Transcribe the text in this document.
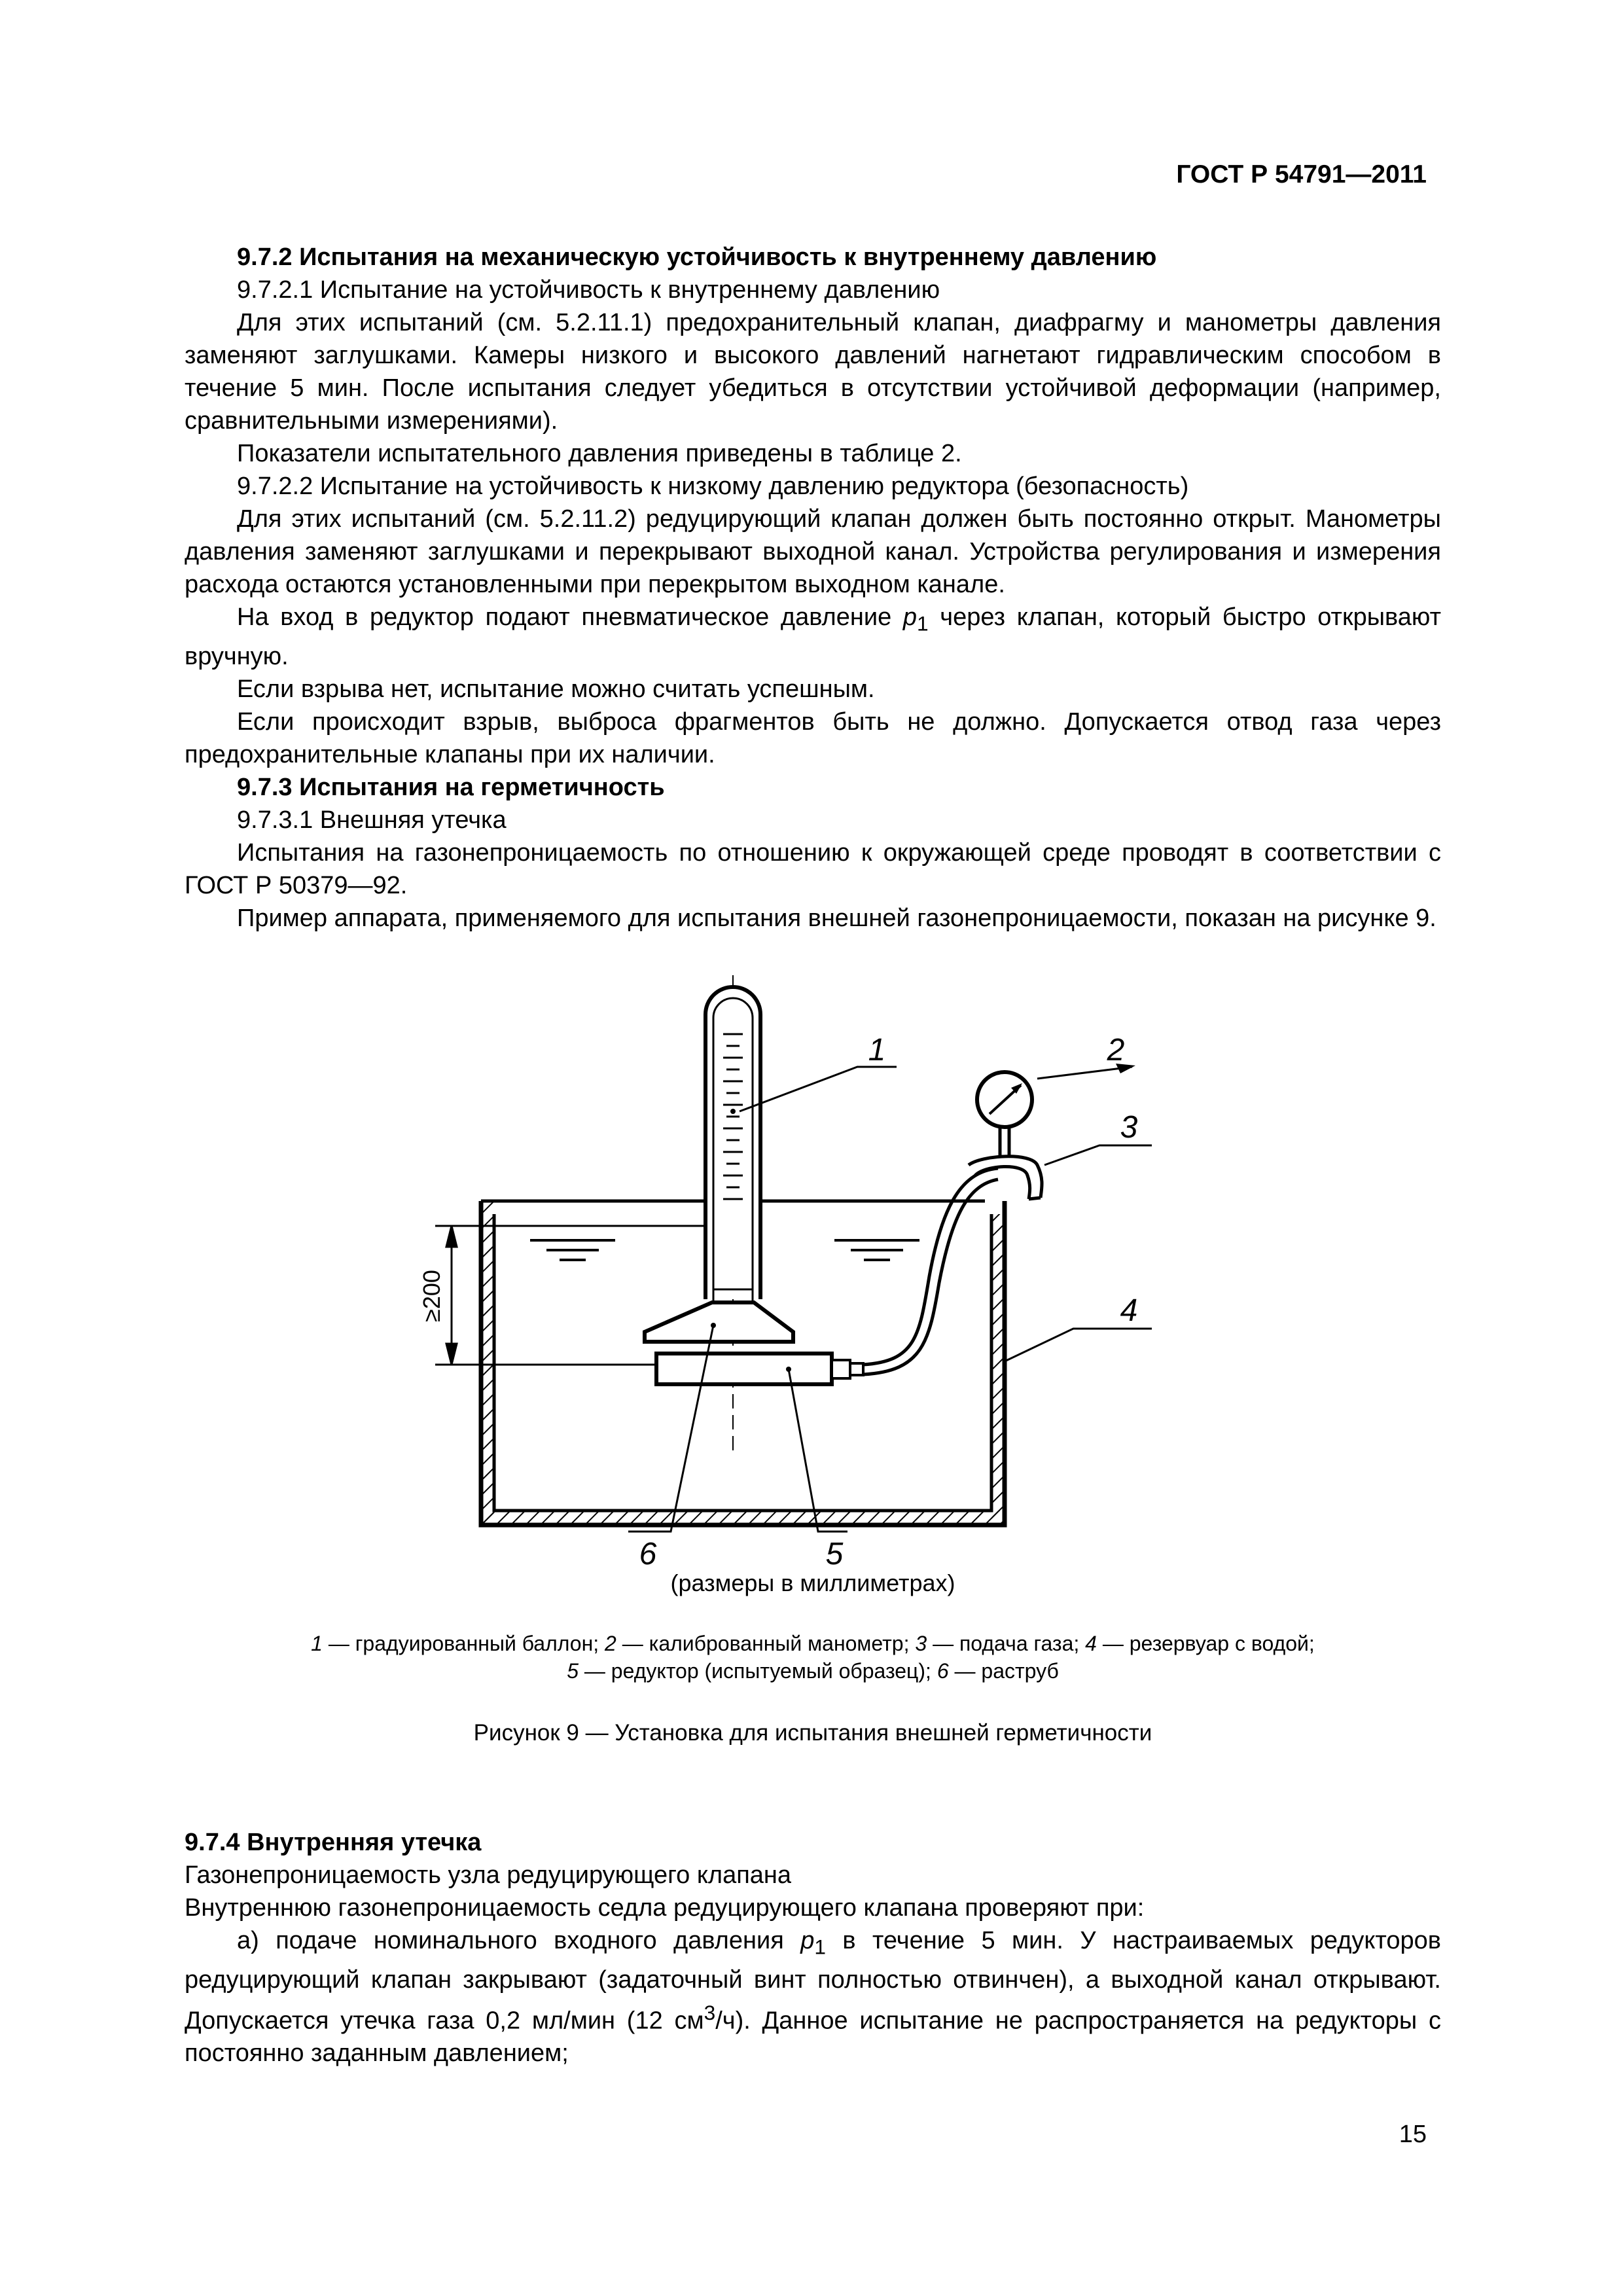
ГОСТ Р 54791—2011

9.7.2 Испытания на механическую устойчивость к внутреннему давлению

9.7.2.1 Испытание на устойчивость к внутреннему давлению

Для этих испытаний (см. 5.2.11.1) предохранительный клапан, диафрагму и манометры давления заменяют заглушками. Камеры низкого и высокого давлений нагнетают гидравлическим способом в течение 5 мин. После испытания следует убедиться в отсутствии устойчивой деформации (например, сравнительными измерениями).

Показатели испытательного давления приведены в таблице 2.

9.7.2.2 Испытание на устойчивость к низкому давлению редуктора (безопасность)

Для этих испытаний (см. 5.2.11.2) редуцирующий клапан должен быть постоянно открыт. Манометры давления заменяют заглушками и перекрывают выходной канал. Устройства регулирования и измерения расхода остаются установленными при перекрытом выходном канале.

На вход в редуктор подают пневматическое давление $p_1$ через клапан, который быстро открывают вручную.

Если взрыва нет, испытание можно считать успешным.

Если происходит взрыв, выброса фрагментов быть не должно. Допускается отвод газа через предохранительные клапаны при их наличии.

9.7.3 Испытания на герметичность

9.7.3.1 Внешняя утечка

Испытания на газонепроницаемость по отношению к окружающей среде проводят в соответствии с ГОСТ Р 50379—92.

Пример аппарата, применяемого для испытания внешней газонепроницаемости, показан на рисунке 9.

≥200
1	2
3
4
5
6
(размеры в миллиметрах)
1 — градуированный баллон; 2 — калиброванный манометр; 3 — подача газа; 4 — резервуар с водой;
5 — редуктор (испытуемый образец); 6 — раструб
Рисунок 9 — Установка для испытания внешней герметичности

9.7.4 Внутренняя утечка

Газонепроницаемость узла редуцирующего клапана

Внутреннюю газонепроницаемость седла редуцирующего клапана проверяют при:

а) подаче номинального входного давления $p_1$ в течение 5 мин. У настраиваемых редукторов редуцирующий клапан закрывают (задаточный винт полностью отвинчен), а выходной канал открывают. Допускается утечка газа 0,2 мл/мин (12 $см^3/ч$). Данное испытание не распространяется на редукторы с постоянно заданным давлением;

15
